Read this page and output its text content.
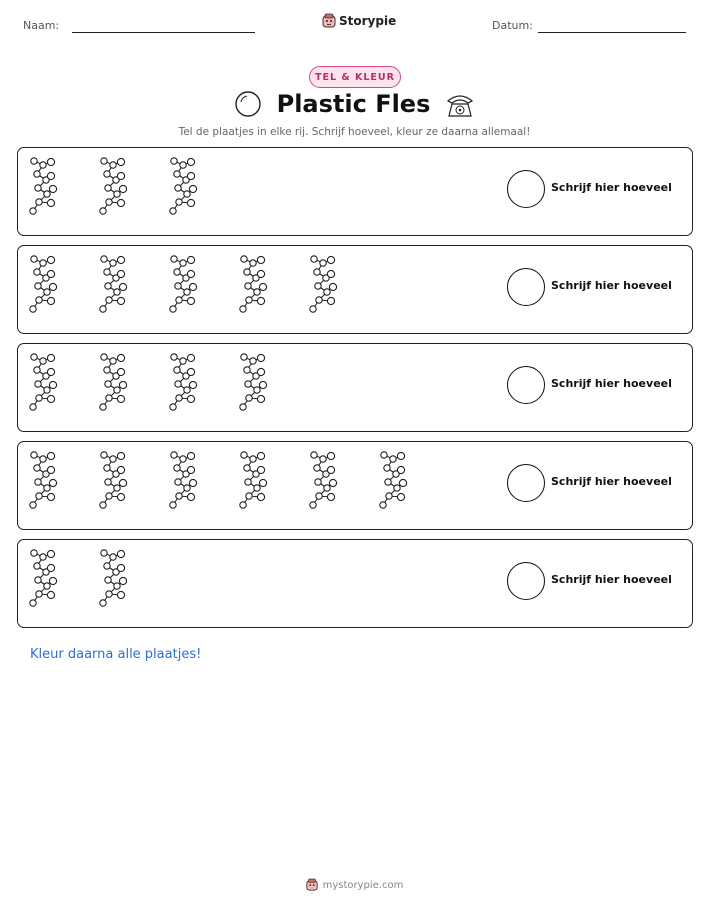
Naam:	Storypie	Datum:
TEL & KLEUR
Plastic Fles
Tel de plaatjes in elke rij. Schrijf hoeveel, kleur ze daarna allemaal!
Schrijf hier hoeveel
Schrijf hier hoeveel
Schrijf hier hoeveel
Schrijf hier hoeveel
Schrijf hier hoeveel
Kleur daarna alle plaatjes!
mystorypie.com
